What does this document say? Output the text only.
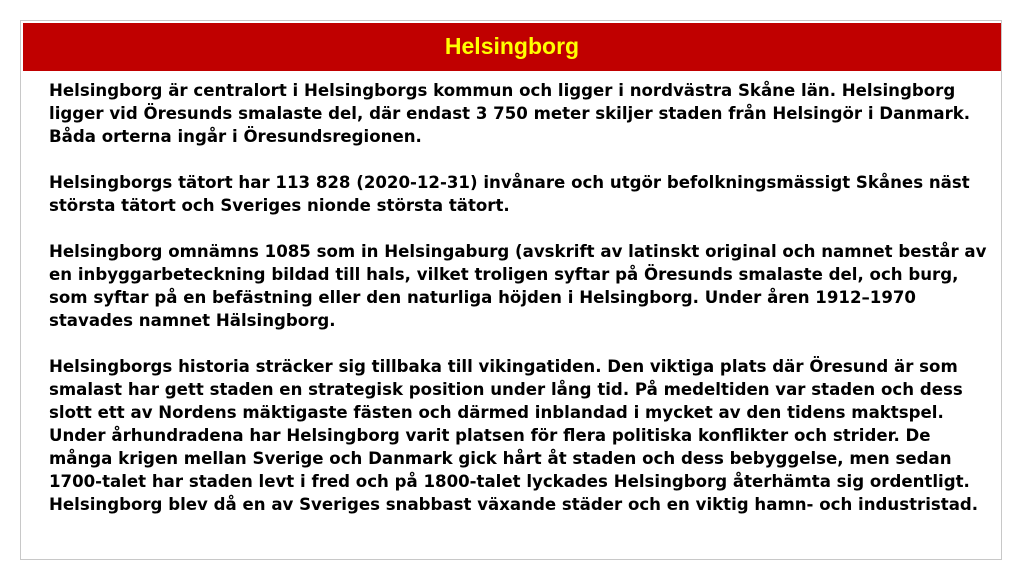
Helsingborg

Helsingborg är centralort i Helsingborgs kommun och ligger i nordvästra Skåne län. Helsingborg ligger vid Öresunds smalaste del, där endast 3 750 meter skiljer staden från Helsingör i Danmark. Båda orterna ingår i Öresundsregionen.

Helsingborgs tätort har 113 828 (2020-12-31) invånare och utgör befolkningsmässigt Skånes näst största tätort och Sveriges nionde största tätort.

Helsingborg omnämns 1085 som in Helsingaburg (avskrift av latinskt original och namnet består av en inbyggarbeteckning bildad till hals, vilket troligen syftar på Öresunds smalaste del, och burg, som syftar på en befästning eller den naturliga höjden i Helsingborg. Under åren 1912–1970 stavades namnet Hälsingborg.

Helsingborgs historia sträcker sig tillbaka till vikingatiden. Den viktiga plats där Öresund är som smalast har gett staden en strategisk position under lång tid. På medeltiden var staden och dess slott ett av Nordens mäktigaste fästen och därmed inblandad i mycket av den tidens maktspel. Under århundradena har Helsingborg varit platsen för flera politiska konflikter och strider. De många krigen mellan Sverige och Danmark gick hårt åt staden och dess bebyggelse, men sedan 1700-talet har staden levt i fred och på 1800-talet lyckades Helsingborg återhämta sig ordentligt. Helsingborg blev då en av Sveriges snabbast växande städer och en viktig hamn- och industristad.
